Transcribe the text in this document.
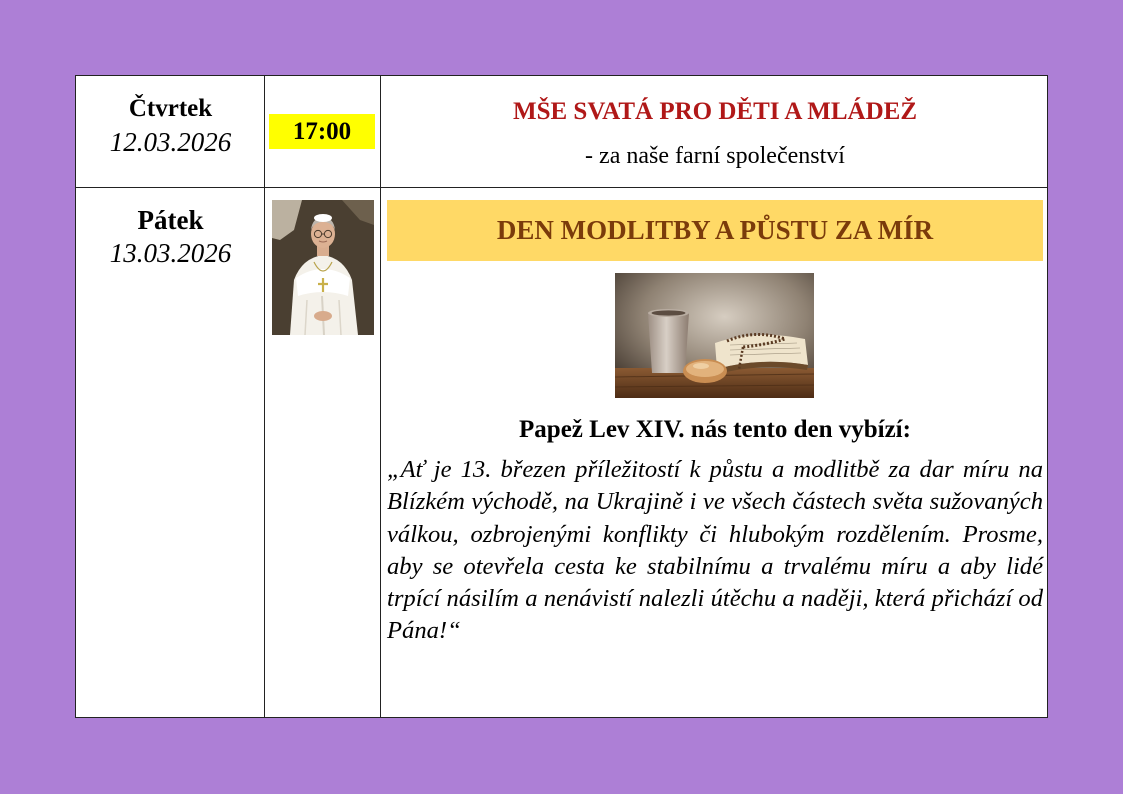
Čtvrtek
12.03.2026	17:00
MŠE SVATÁ PRO DĚTI A MLÁDEŽ
- za naše farní společenství
Pátek
13.03.2026
DEN MODLITBY A PŮSTU ZA MÍR
Papež Lev XIV. nás tento den vybízí:

„Ať je 13. březen příležitostí k půstu a modlitbě za dar míru na Blízkém východě, na Ukrajině i ve všech částech světa sužovaných válkou, ozbrojenými konflikty či hlubokým rozdělením. Prosme, aby se otevřela cesta ke stabilnímu a trvalému míru a aby lidé trpící násilím a nenávistí nalezli útěchu a naději, která přichází od Pána!“
